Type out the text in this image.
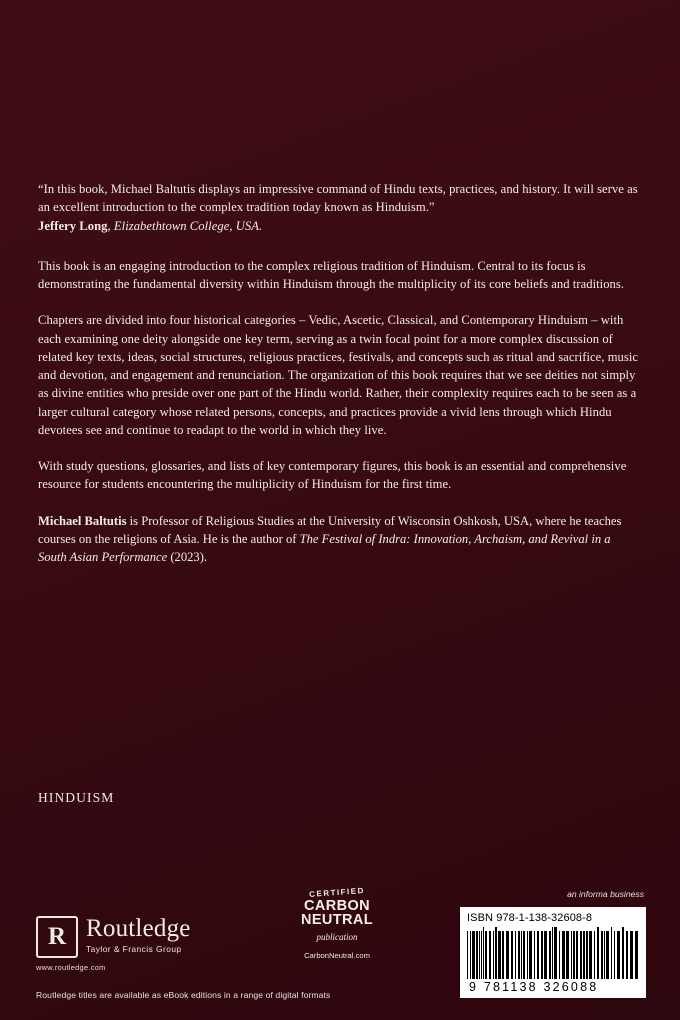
“In this book, Michael Baltutis displays an impressive command of Hindu texts, practices, and history. It will serve as an excellent introduction to the complex tradition today known as Hinduism.”
Jeffery Long, Elizabethtown College, USA.

This book is an engaging introduction to the complex religious tradition of Hinduism. Central to its focus is demonstrating the fundamental diversity within Hinduism through the multiplicity of its core beliefs and traditions.

Chapters are divided into four historical categories – Vedic, Ascetic, Classical, and Contemporary Hinduism – with each examining one deity alongside one key term, serving as a twin focal point for a more complex discussion of related key texts, ideas, social structures, religious practices, festivals, and concepts such as ritual and sacrifice, music and devotion, and engagement and renunciation. The organization of this book requires that we see deities not simply as divine entities who preside over one part of the Hindu world. Rather, their complexity requires each to be seen as a larger cultural category whose related persons, concepts, and practices provide a vivid lens through which Hindu devotees see and continue to readapt to the world in which they live.

With study questions, glossaries, and lists of key contemporary figures, this book is an essential and comprehensive resource for students encountering the multiplicity of Hinduism for the first time.

Michael Baltutis is Professor of Religious Studies at the University of Wisconsin Oshkosh, USA, where he teaches courses on the religions of Asia. He is the author of The Festival of Indra: Innovation, Archaism, and Revival in a South Asian Performance (2023).

HINDUISM
R Routledge
Taylor & Francis Group
www.routledge.com
Routledge titles are available as eBook editions in a range of digital formats
CERTIFIED
CARBON
NEUTRAL
publication
CarbonNeutral.com
an informa business
ISBN 978-1-138-32608-8
9 781138 326088
